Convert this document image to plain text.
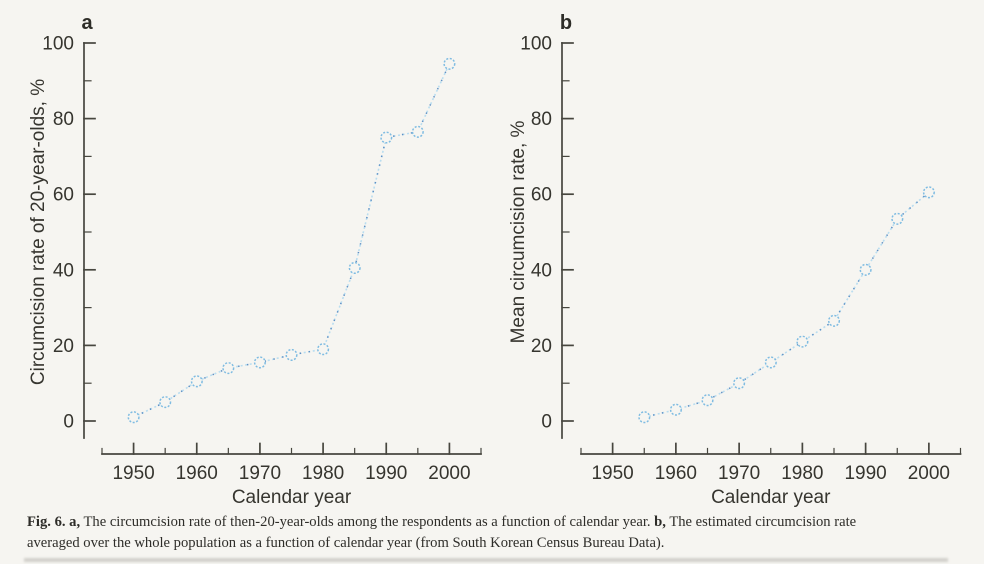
a
0
20
40
60
80
100
1950 1960 1970 1980 1990 2000
Calendar year
Circumcision rate of 20-year-olds, %
b
0
20
40
60
80
100
1950 1960 1970 1980 1990 2000
Calendar year
Mean circumcision rate, %

Fig. 6. a, The circumcision rate of then-20-year-olds among the respondents as a function of calendar year. b, The estimated circumcision rate

averaged over the whole population as a function of calendar year (from South Korean Census Bureau Data).
